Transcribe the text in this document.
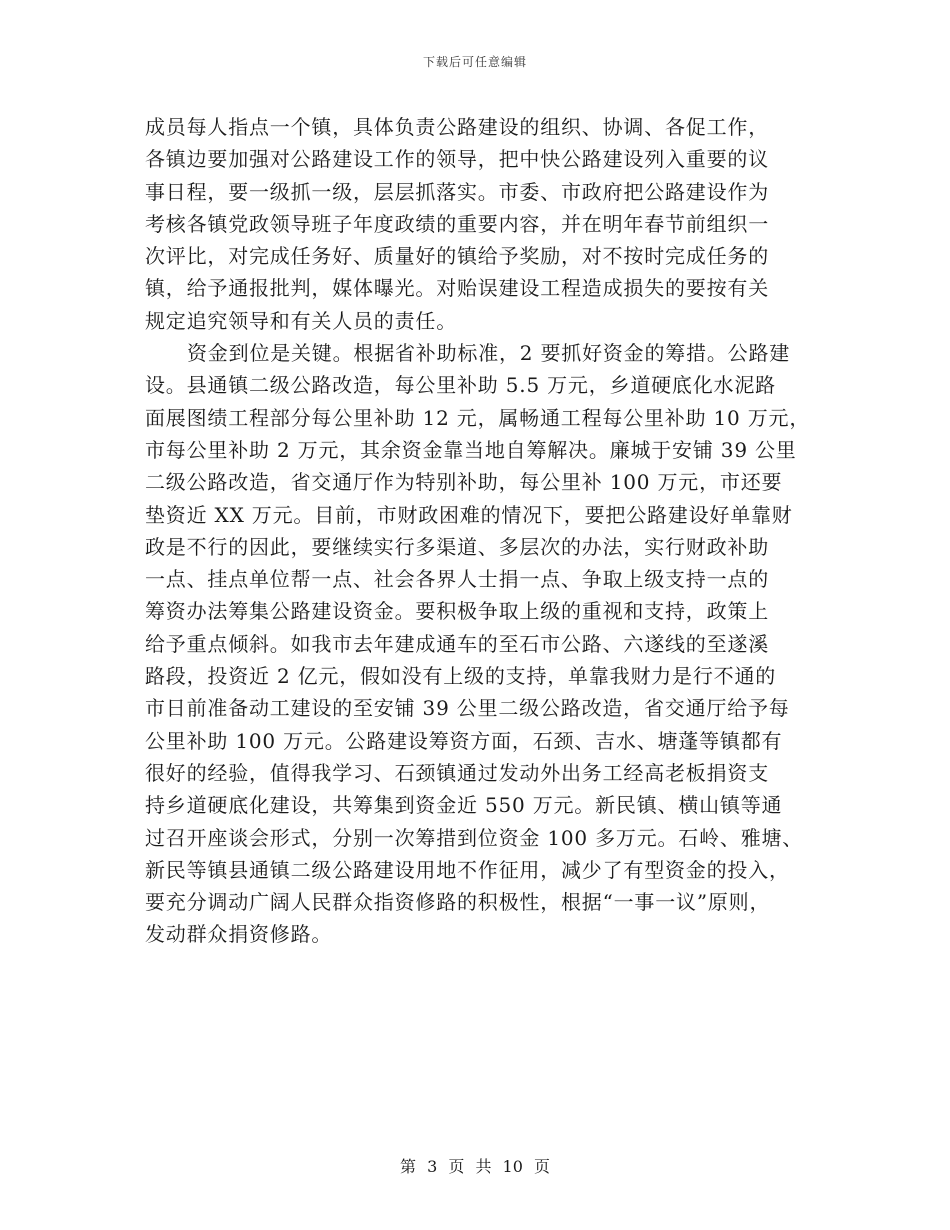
下载后可任意编辑
成员每人指点一个镇，具体负责公路建设的组织、协调、各促工作，
各镇边要加强对公路建设工作的领导，把中快公路建设列入重要的议
事日程，要一级抓一级，层层抓落实。市委、市政府把公路建设作为
考核各镇党政领导班子年度政绩的重要内容，并在明年春节前组织一
次评比，对完成任务好、质量好的镇给予奖励，对不按时完成任务的
镇，给予通报批判，媒体曝光。对贻误建设工程造成损失的要按有关
规定追究领导和有关人员的责任。
资金到位是关键。根据省补助标准，2 要抓好资金的筹措。公路建
设。县通镇二级公路改造，每公里补助 5.5 万元，乡道硬底化水泥路
面展图绩工程部分每公里补助 12 元，属畅通工程每公里补助 10 万元，
市每公里补助 2 万元，其余资金靠当地自筹解决。廉城于安铺 39 公里
二级公路改造，省交通厅作为特别补助，每公里补 100 万元，市还要
垫资近 XX 万元。目前，市财政困难的情况下，要把公路建设好单靠财
政是不行的因此，要继续实行多渠道、多层次的办法，实行财政补助
一点、挂点单位帮一点、社会各界人士捐一点、争取上级支持一点的
筹资办法筹集公路建设资金。要积极争取上级的重视和支持，政策上
给予重点倾斜。如我市去年建成通车的至石市公路、六遂线的至遂溪
路段，投资近 2 亿元，假如没有上级的支持，单靠我财力是行不通的
市日前准备动工建设的至安铺 39 公里二级公路改造，省交通厅给予每
公里补助 100 万元。公路建设筹资方面，石颈、吉水、塘蓬等镇都有
很好的经验，值得我学习、石颈镇通过发动外出务工经高老板捐资支
持乡道硬底化建设，共筹集到资金近 550 万元。新民镇、横山镇等通
过召开座谈会形式，分别一次筹措到位资金 100 多万元。石岭、雅塘、
新民等镇县通镇二级公路建设用地不作征用，减少了有型资金的投入，
要充分调动广阔人民群众指资修路的积极性，根据“一事一议”原则，
发动群众捐资修路。
第 3 页 共 10 页
